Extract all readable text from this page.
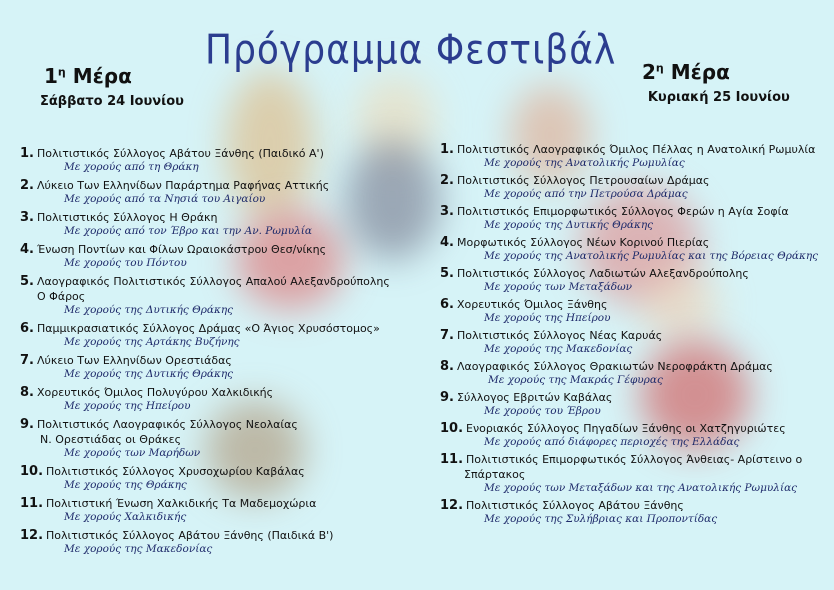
Πρόγραμμα Φεστιβάλ
$1^\eta$ Μέρα
Σάββατο 24 Ιουνίου
$2^\eta$ Μέρα
Κυριακή 25 Ιουνίου
1. Πολιτιστικός Σύλλογος Αβάτου Ξάνθης (Παιδικό Α')
Με χορούς από τη Θράκη
2. Λύκειο Των Ελληνίδων Παράρτημα Ραφήνας Αττικής
Με χορούς από τα Νησιά του Αιγαίου
3. Πολιτιστικός Σύλλογος Η Θράκη
Με χορούς από τον Έβρο και την Αν. Ρωμυλία
4. Ένωση Ποντίων και Φίλων Ωραιοκάστρου Θεσ/νίκης
Με χορούς του Πόντου
5. Λαογραφικός Πολιτιστικός Σύλλογος Απαλού Αλεξανδρούπολης
Ο Φάρος
Με χορούς της Δυτικής Θράκης
6. Παμμικρασιατικός Σύλλογος Δράμας «Ο Άγιος Χρυσόστομος»
Με χορούς της Αρτάκης Βυζήνης
7. Λύκειο Των Ελληνίδων Ορεστιάδας
Με χορούς της Δυτικής Θράκης
8. Χορευτικός Όμιλος Πολυγύρου Χαλκιδικής
Με χορούς της Ηπείρου
9. Πολιτιστικός Λαογραφικός Σύλλογος Νεολαίας
Ν. Ορεστιάδας οι Θράκες
Με χορούς των Μαρήδων
10. Πολιτιστικός Σύλλογος Χρυσοχωρίου Καβάλας
Με χορούς της Θράκης
11. Πολιτιστική Ένωση Χαλκιδικής Τα Μαδεμοχώρια
Με χορούς Χαλκιδικής
12. Πολιτιστικός Σύλλογος Αβάτου Ξάνθης (Παιδικά Β')
Με χορούς της Μακεδονίας
1. Πολιτιστικός Λαογραφικός Όμιλος Πέλλας η Ανατολική Ρωμυλία
Με χορούς της Ανατολικής Ρωμυλίας
2. Πολιτιστικός Σύλλογος Πετρουσαίων Δράμας
Με χορούς από την Πετρούσα Δράμας
3. Πολιτιστικός Επιμορφωτικός Σύλλογος Φερών η Αγία Σοφία
Με χορούς της Δυτικής Θράκης
4. Μορφωτικός Σύλλογος Νέων Κορινού Πιερίας
Με χορούς της Ανατολικής Ρωμυλίας και της Βόρειας Θράκης
5. Πολιτιστικός Σύλλογος Λαδιωτών Αλεξανδρούπολης
Με χορούς των Μεταξάδων
6. Χορευτικός Όμιλος Ξάνθης
Με χορούς της Ηπείρου
7. Πολιτιστικός Σύλλογος Νέας Καρυάς
Με χορούς της Μακεδονίας
8. Λαογραφικός Σύλλογος Θρακιωτών Νεροφράκτη Δράμας
Με χορούς της Μακράς Γέφυρας
9. Σύλλογος Εβριτών Καβάλας
Με χορούς του Έβρου
10. Ενοριακός Σύλλογος Πηγαδίων Ξάνθης οι Χατζηγυριώτες
Με χορούς από διάφορες περιοχές της Ελλάδας
11. Πολιτιστικός Επιμορφωτικός Σύλλογος Άνθειας- Αρίστεινο ο
Σπάρτακος
Με χορούς των Μεταξάδων και της Ανατολικής Ρωμυλίας
12. Πολιτιστικός Σύλλογος Αβάτου Ξάνθης
Με χορούς της Συλήβριας και Προποντίδας
